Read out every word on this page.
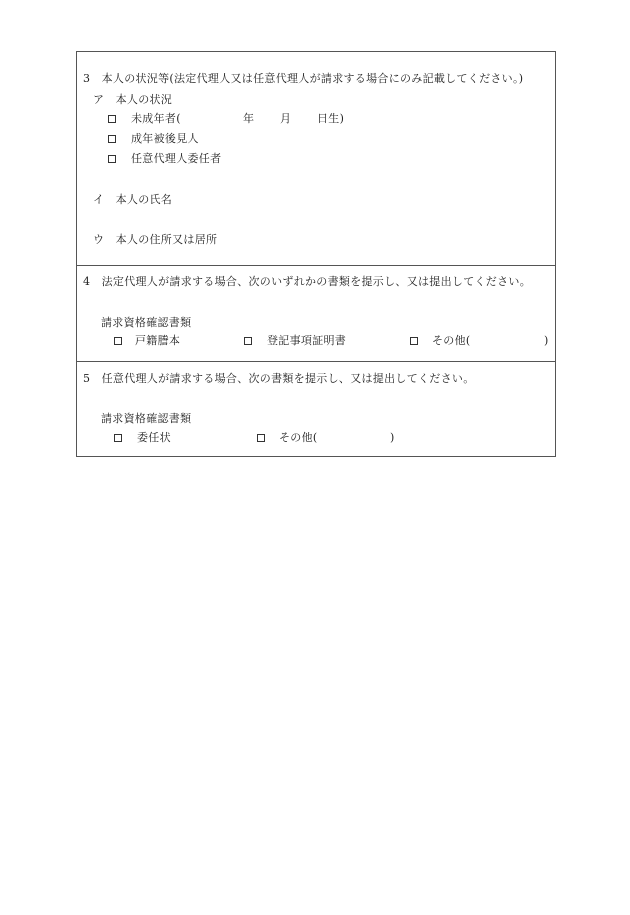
3　本人の状況等(法定代理人又は任意代理人が請求する場合にのみ記載してください。)
ア　本人の状況
未成年者(	年 月 日生)
成年被後見人
任意代理人委任者
イ　本人の氏名
ウ　本人の住所又は居所
4　法定代理人が請求する場合、次のいずれかの書類を提示し、又は提出してください。
請求資格確認書類
戸籍謄本	登記事項証明書	その他(	)
5　任意代理人が請求する場合、次の書類を提示し、又は提出してください。
請求資格確認書類
委任状	その他(	)
